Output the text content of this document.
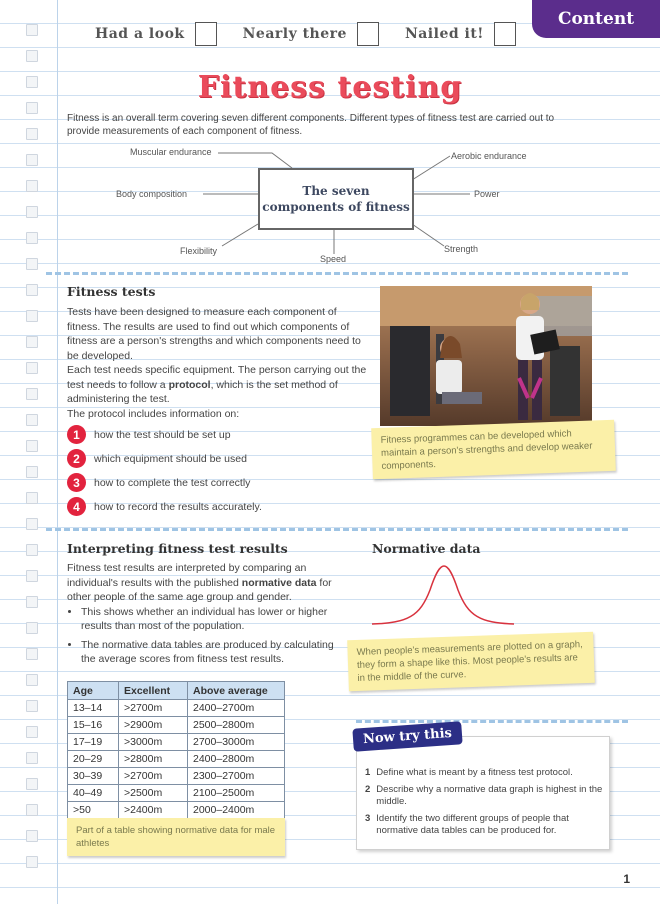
Had a look	Nearly there	Nailed it!
Content
Fitness testing
Fitness is an overall term covering seven different components. Different types of fitness test are carried out to provide measurements of each component of fitness.
The seven components of fitness
Muscular endurance	Aerobic endurance
Body composition	Power
Flexibility
Speed
Strength
Fitness tests
Tests have been designed to measure each component of fitness. The results are used to find out which components of fitness are a person's strengths and which components need to be developed.
Each test needs specific equipment. The person carrying out the test needs to follow a protocol, which is the set method of administering the test.
The protocol includes information on:
1	how the test should be set up
2	which equipment should be used
3	how to complete the test correctly
4	how to record the results accurately.
Fitness programmes can be developed which maintain a person's strengths and develop weaker components.
Interpreting fitness test results
Fitness test results are interpreted by comparing an individual's results with the published normative data for other people of the same age group and gender.
• This shows whether an individual has lower or higher results than most of the population.
• The normative data tables are produced by calculating the average scores from fitness test results.
Normative data
When people's measurements are plotted on a graph, they form a shape like this. Most people's results are in the middle of the curve.
Age	Excellent	Above average
13–14	>2700m	2400–2700m
15–16	>2900m	2500–2800m
17–19	>3000m	2700–3000m
20–29	>2800m	2400–2800m
30–39	>2700m	2300–2700m
40–49	>2500m	2100–2500m
>50	>2400m	2000–2400m
Part of a table showing normative data for male athletes
Now try this
1 Define what is meant by a fitness test protocol.
2 Describe why a normative data graph is highest in the middle.
3 Identify the two different groups of people that normative data tables can be produced for.
1
